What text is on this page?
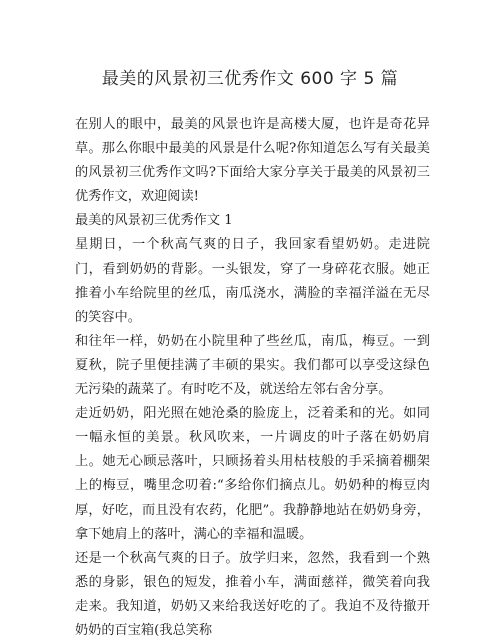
最美的风景初三优秀作文 600 字 5 篇

在别人的眼中，最美的风景也许是高楼大厦，也许是奇花异草。那么你眼中最美的风景是什么呢?你知道怎么写有关最美的风景初三优秀作文吗?下面给大家分享关于最美的风景初三优秀作文，欢迎阅读!

最美的风景初三优秀作文 1

星期日，一个秋高气爽的日子，我回家看望奶奶。走进院门，看到奶奶的背影。一头银发，穿了一身碎花衣服。她正推着小车给院里的丝瓜，南瓜浇水，满脸的幸福洋溢在无尽的笑容中。

和往年一样，奶奶在小院里种了些丝瓜，南瓜，梅豆。一到夏秋，院子里便挂满了丰硕的果实。我们都可以享受这绿色无污染的蔬菜了。有时吃不及，就送给左邻右舍分享。

走近奶奶，阳光照在她沧桑的脸庞上，泛着柔和的光。如同一幅永恒的美景。秋风吹来，一片调皮的叶子落在奶奶肩上。她无心顾忌落叶，只顾扬着头用枯枝般的手采摘着棚架上的梅豆，嘴里念叨着:“多给你们摘点儿。奶奶种的梅豆肉厚，好吃，而且没有农药，化肥”。我静静地站在奶奶身旁，拿下她肩上的落叶，满心的幸福和温暖。

还是一个秋高气爽的日子。放学归来，忽然，我看到一个熟悉的身影，银色的短发，推着小车，满面慈祥，微笑着向我走来。我知道，奶奶又来给我送好吃的了。我迫不及待撤开奶奶的百宝箱(我总笑称
